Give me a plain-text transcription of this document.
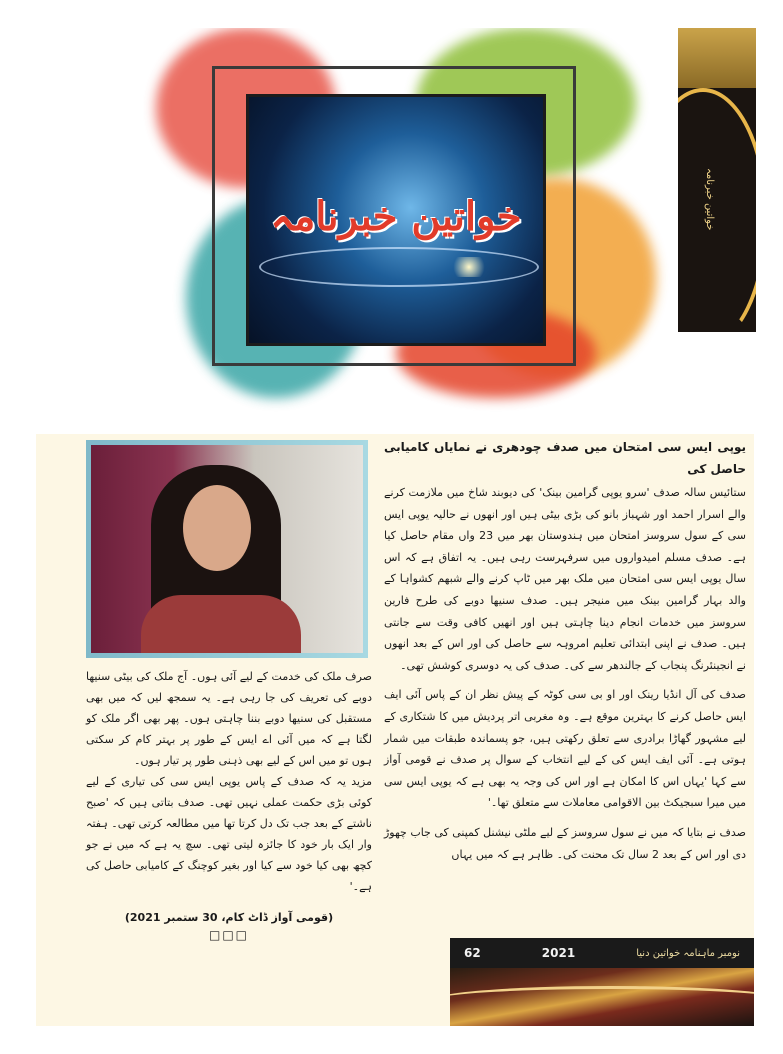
خواتین خبرنامہ	خواتین خبرنامہ
یوپی ایس سی امتحان میں صدف چودھری نے نمایاں کامیابی حاصل کی

ستائیس سالہ صدف 'سرو یوپی گرامین بینک' کی دیوبند شاخ میں ملازمت کرنے والے اسرار احمد اور شہباز بانو کی بڑی بیٹی ہیں اور انھوں نے حالیہ یوپی ایس سی کے سول سروسز امتحان میں ہندوستان بھر میں 23 واں مقام حاصل کیا ہے۔ صدف مسلم امیدواروں میں سرفہرست رہی ہیں۔ یہ اتفاق ہے کہ اس سال یوپی ایس سی امتحان میں ملک بھر میں ٹاپ کرنے والے شبھم کشواہا کے والد بہار گرامین بینک میں منیجر ہیں۔ صدف سنیھا دوبے کی طرح فارین سروسز میں خدمات انجام دینا چاہتی ہیں اور انھیں کافی وقت سے جانتی ہیں۔ صدف نے اپنی ابتدائی تعلیم امروہہ سے حاصل کی اور اس کے بعد انھوں نے انجینئرنگ پنجاب کے جالندھر سے کی۔ صدف کی یہ دوسری کوشش تھی۔

صدف کی آل انڈیا رینک اور او بی سی کوٹہ کے پیش نظر ان کے پاس آئی ایف ایس حاصل کرنے کا بہترین موقع ہے۔ وہ مغربی اتر پردیش میں کا شتکاری کے لیے مشہور گھاڑا برادری سے تعلق رکھتی ہیں، جو پسماندہ طبقات میں شمار ہوتی ہے۔ آئی ایف ایس کی کے لیے انتخاب کے سوال پر صدف نے قومی آواز سے کہا 'یہاں اس کا امکان ہے اور اس کی وجہ یہ بھی ہے کہ یوپی ایس سی میں میرا سبجیکٹ بین الاقوامی معاملات سے متعلق تھا۔'

صدف نے بتایا کہ میں نے سول سروسز کے لیے ملٹی نیشنل کمپنی کی جاب چھوڑ دی اور اس کے بعد 2 سال تک محنت کی۔ ظاہر ہے کہ میں یہاں

صرف ملک کی خدمت کے لیے آئی ہوں۔ آج ملک کی بیٹی سنیھا دوبے کی تعریف کی جا رہی ہے۔ یہ سمجھ لیں کہ میں بھی مستقبل کی سنیھا دوبے بننا چاہتی ہوں۔ پھر بھی اگر ملک کو لگتا ہے کہ میں آئی اے ایس کے طور پر بہتر کام کر سکتی ہوں تو میں اس کے لیے بھی ذہنی طور پر تیار ہوں۔

مزید یہ کہ صدف کے پاس یوپی ایس سی کی تیاری کے لیے کوئی بڑی حکمت عملی نہیں تھی۔ صدف بتاتی ہیں کہ 'صبح ناشتے کے بعد جب تک دل کرتا تھا میں مطالعہ کرتی تھی۔ ہفتہ وار ایک بار خود کا جائزہ لیتی تھی۔ سچ یہ ہے کہ میں نے جو کچھ بھی کیا خود سے کیا اور بغیر کوچنگ کے کامیابی حاصل کی ہے۔'

(قومی آواز ڈاٹ کام، 30 ستمبر 2021)
□□□
62	2021	نومبر ماہنامہ خواتین دنیا
